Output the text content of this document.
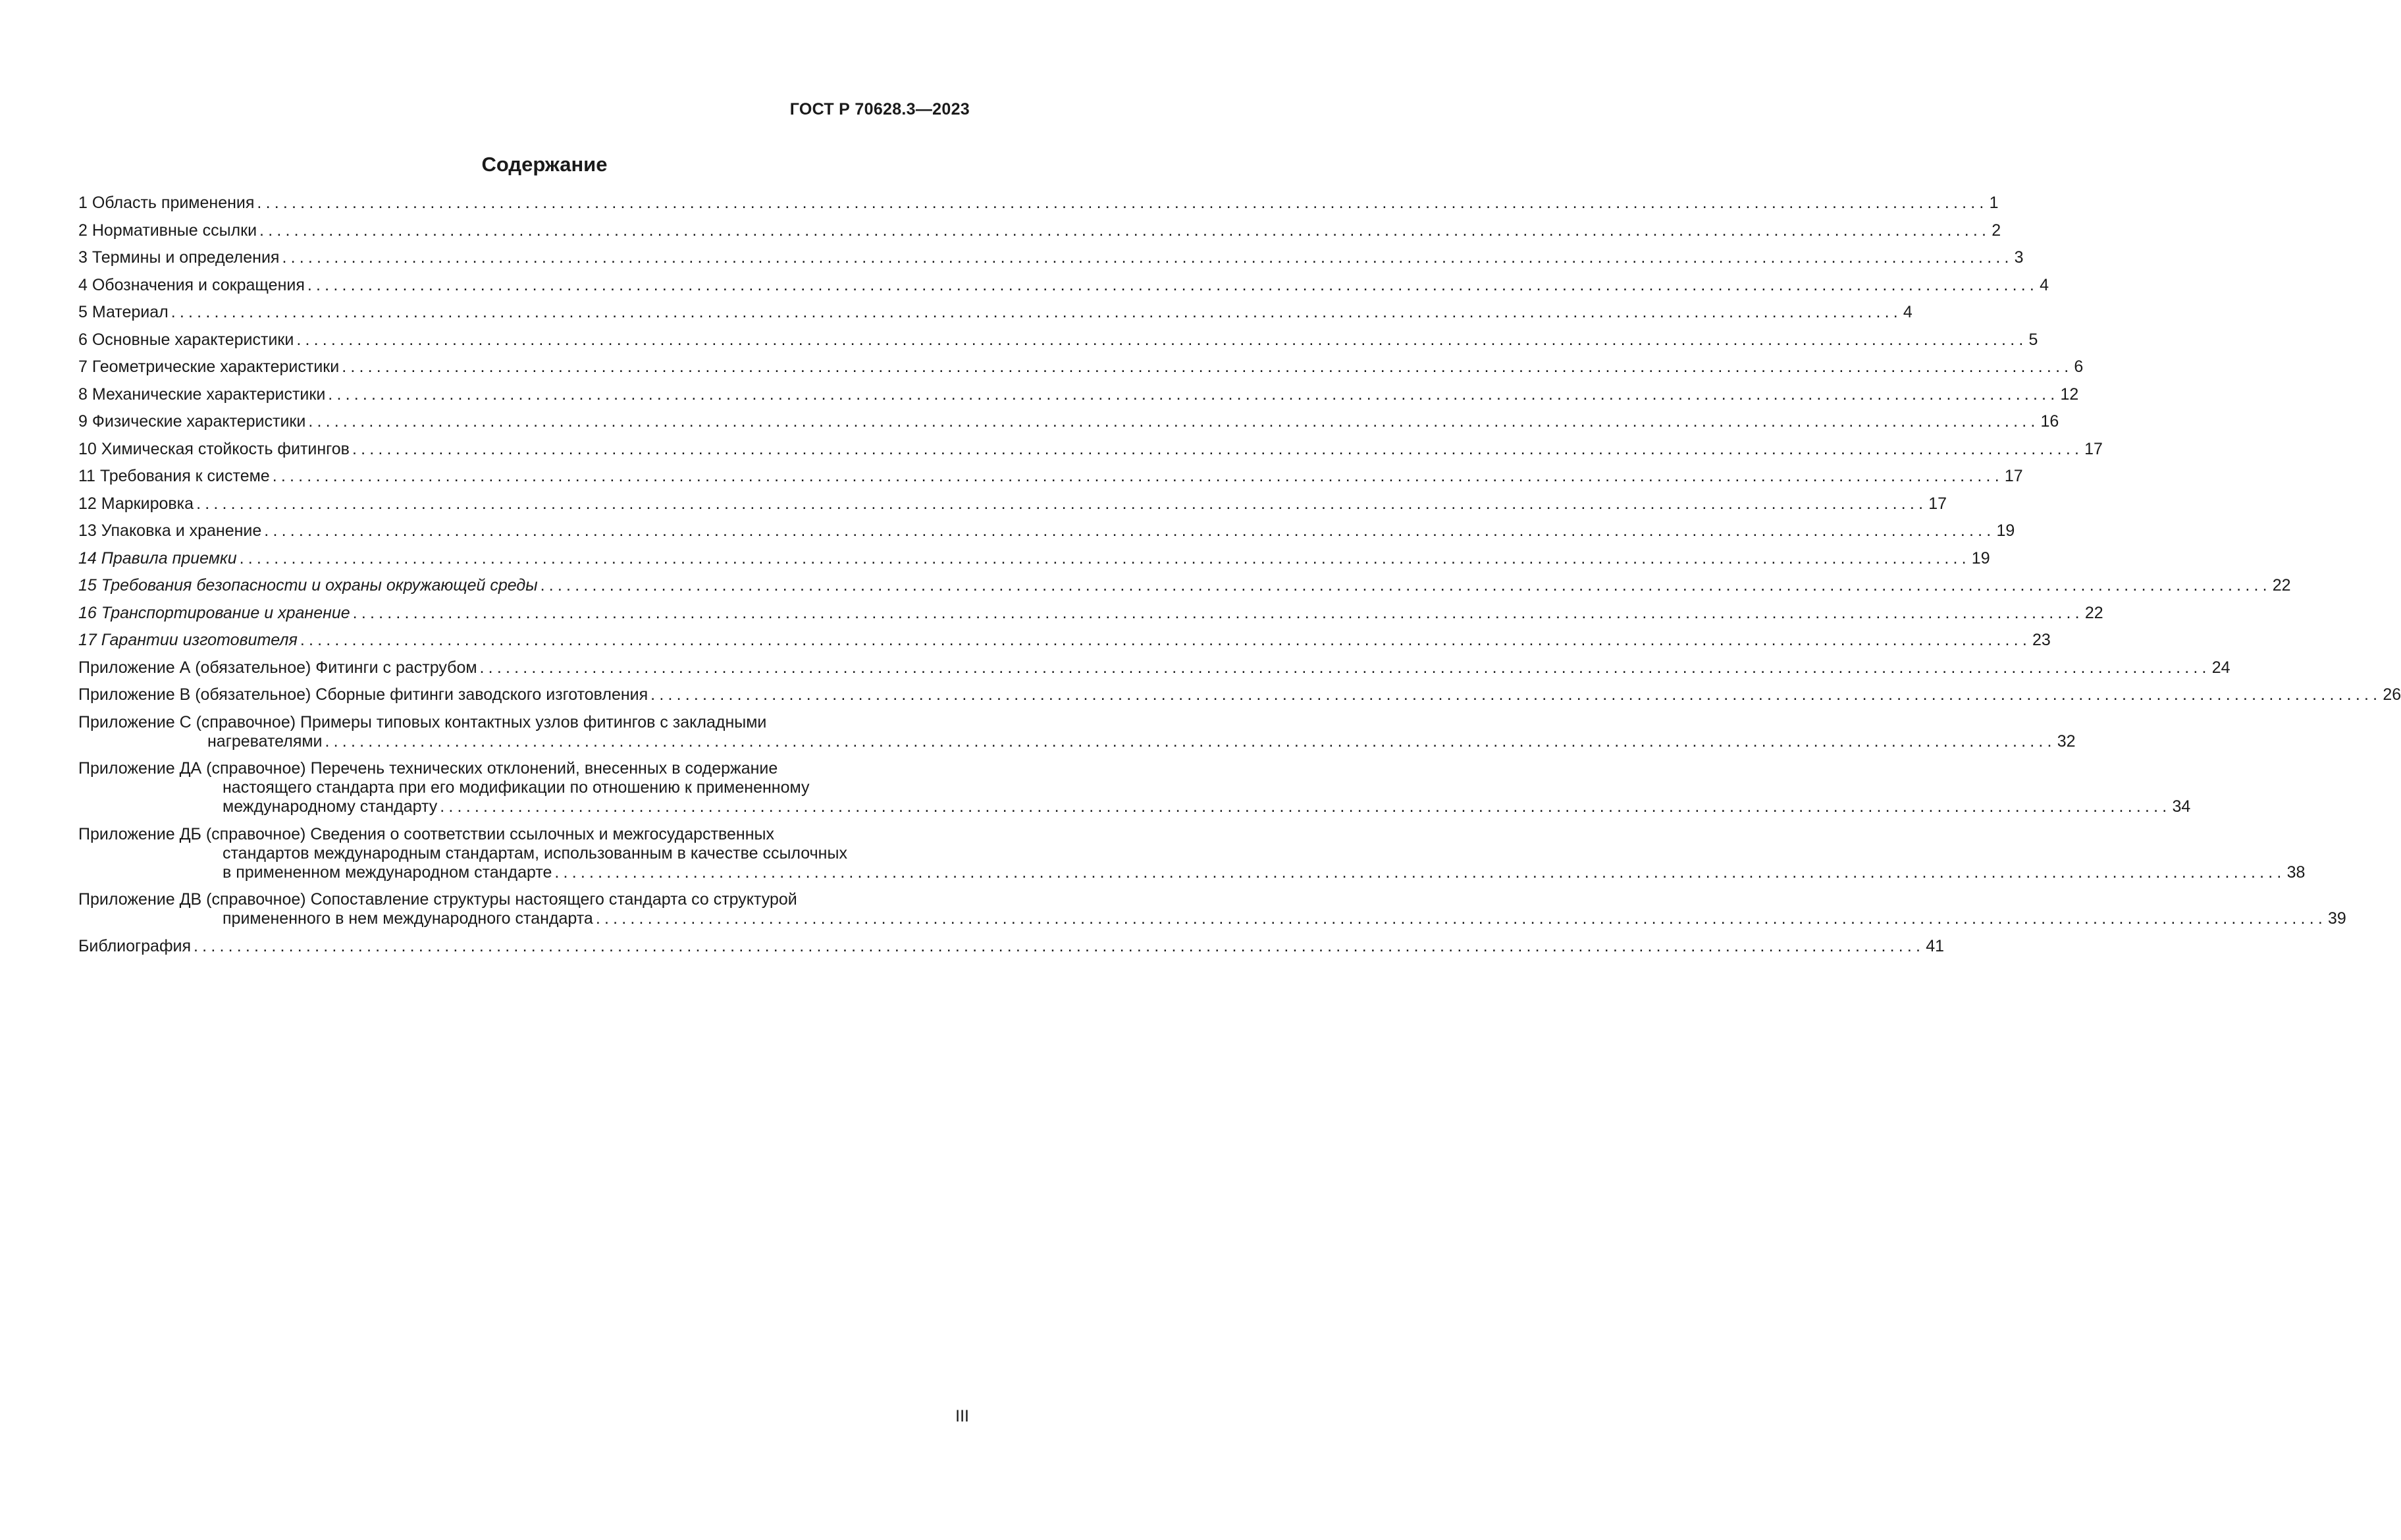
ГОСТ Р 70628.3—2023
Содержание
1 Область применения ........................................................................................................................................................................................................ 1
2 Нормативные ссылки ........................................................................................................................................................................................................ 2
3 Термины и определения ........................................................................................................................................................................................................ 3
4 Обозначения и сокращения ........................................................................................................................................................................................................ 4
5 Материал ........................................................................................................................................................................................................ 4
6 Основные характеристики ........................................................................................................................................................................................................ 5
7 Геометрические характеристики ........................................................................................................................................................................................................ 6
8 Механические характеристики ........................................................................................................................................................................................................ 12
9 Физические характеристики ........................................................................................................................................................................................................ 16
10 Химическая стойкость фитингов ........................................................................................................................................................................................................ 17
11 Требования к системе ........................................................................................................................................................................................................ 17
12 Маркировка ........................................................................................................................................................................................................ 17
13 Упаковка и хранение ........................................................................................................................................................................................................ 19
14 Правила приемки ........................................................................................................................................................................................................ 19
15 Требования безопасности и охраны окружающей среды ........................................................................................................................................................................................................ 22
16 Транспортирование и хранение ........................................................................................................................................................................................................ 22
17 Гарантии изготовителя ........................................................................................................................................................................................................ 23
Приложение А (обязательное) Фитинги с раструбом ........................................................................................................................................................................................................ 24
Приложение В (обязательное) Сборные фитинги заводского изготовления ........................................................................................................................................................................................................ 26
Приложение С (справочное) Примеры типовых контактных узлов фитингов с закладными
нагревателями ........................................................................................................................................................................................................32
Приложение ДА (справочное) Перечень технических отклонений, внесенных в содержание
настоящего стандарта при его модификации по отношению к примененному
международному стандарту ........................................................................................................................................................................................................34
Приложение ДБ (справочное) Сведения о соответствии ссылочных и межгосударственных
стандартов международным стандартам, использованным в качестве ссылочных
в примененном международном стандарте ........................................................................................................................................................................................................38
Приложение ДВ (справочное) Сопоставление структуры настоящего стандарта со структурой
примененного в нем международного стандарта ........................................................................................................................................................................................................39
Библиография ........................................................................................................................................................................................................ 41
III
